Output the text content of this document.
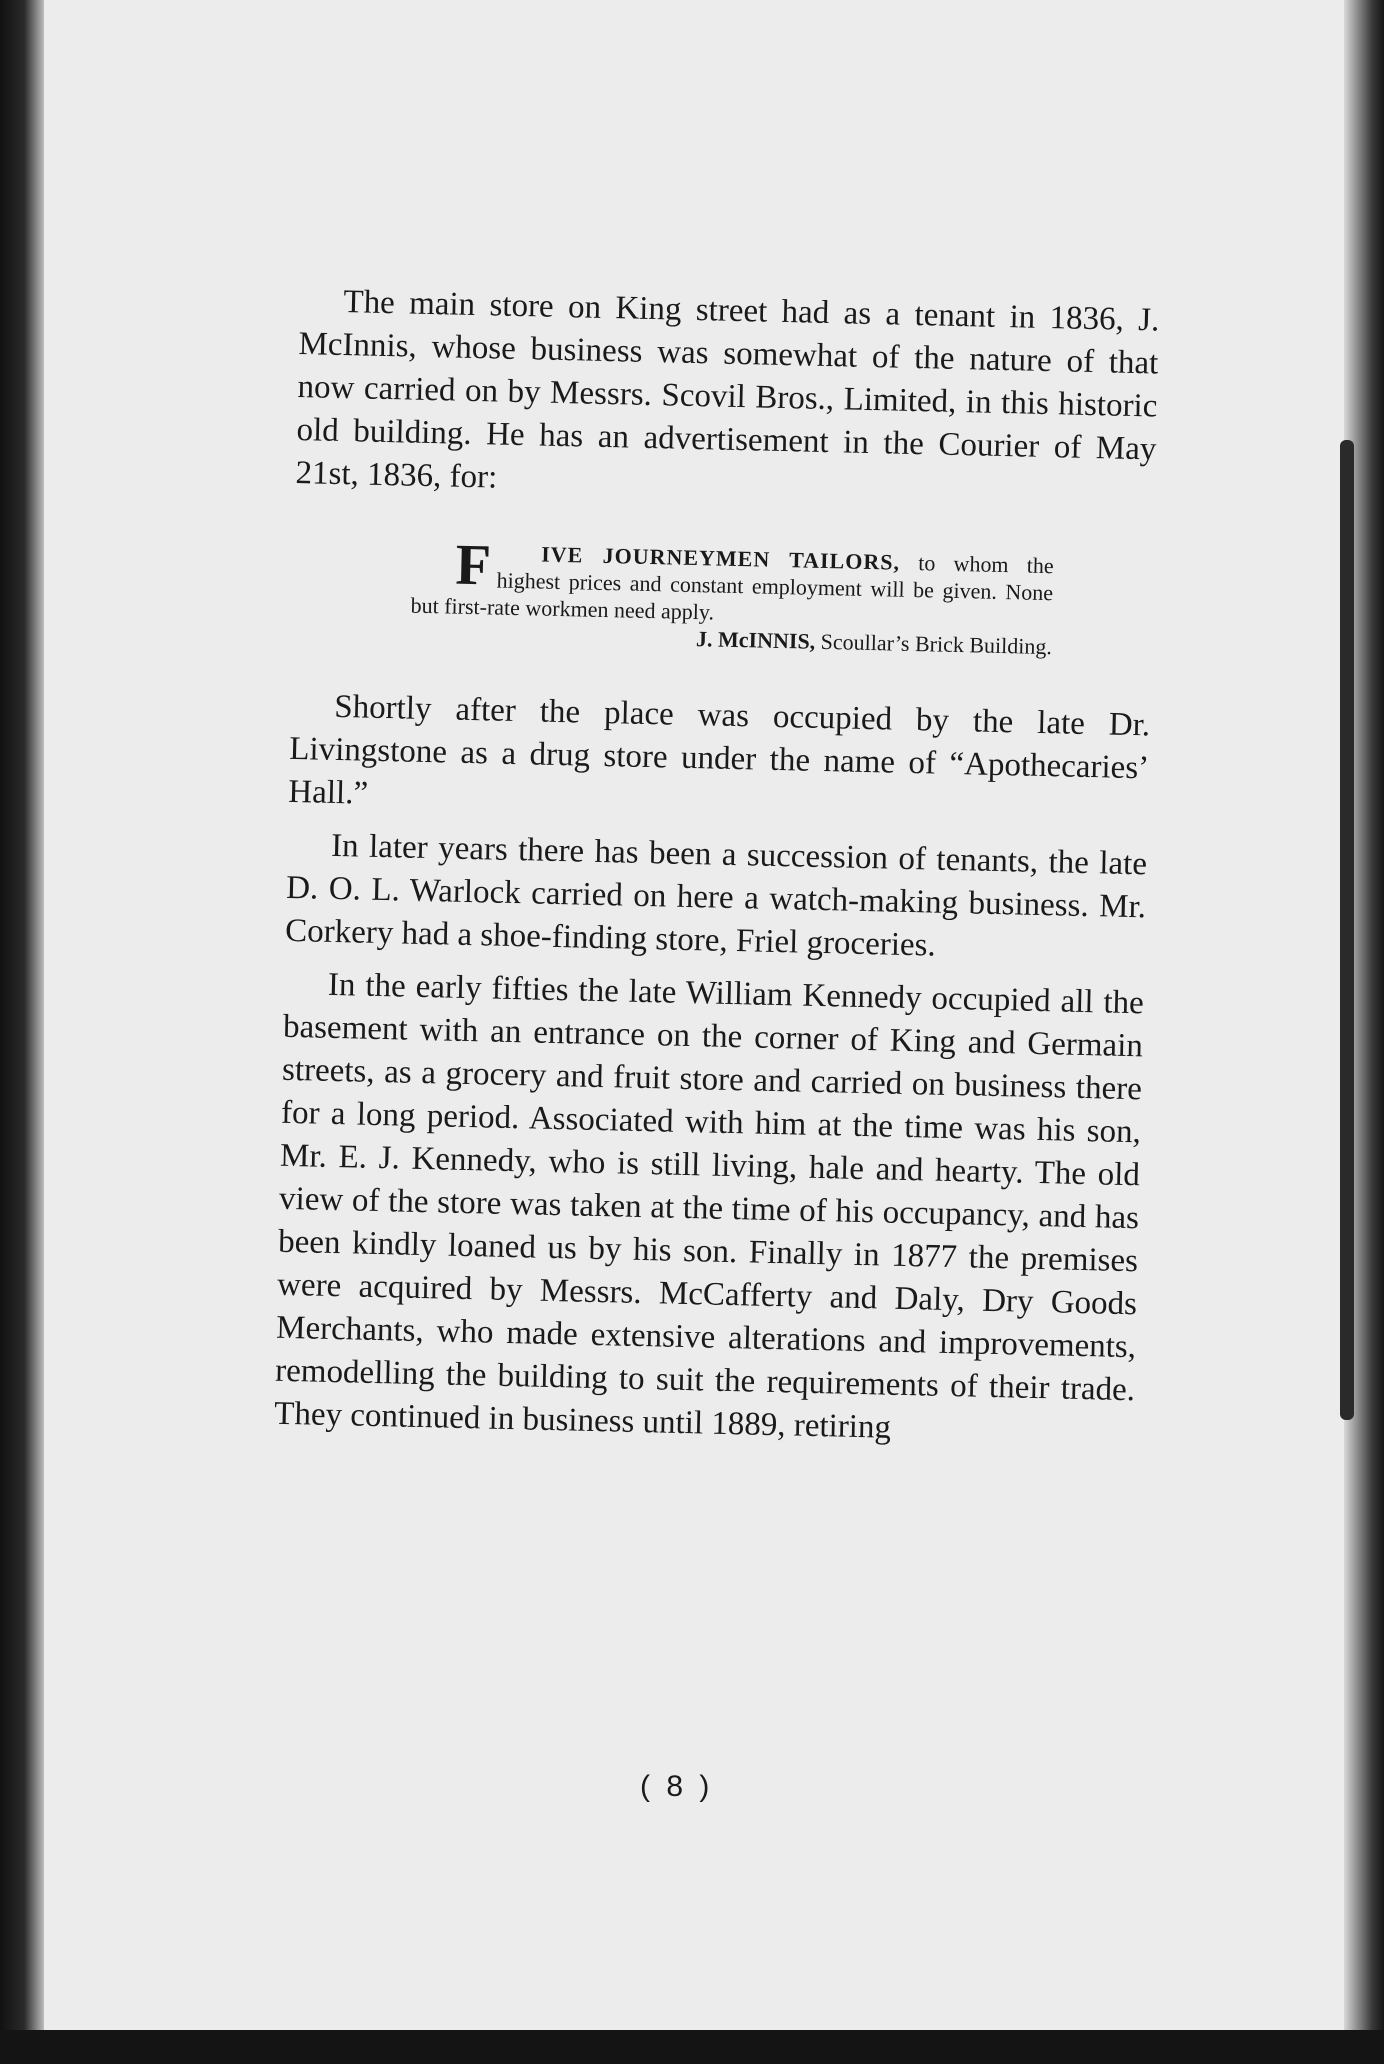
The main store on King street had as a tenant in 1836, J. McInnis, whose business was somewhat of the nature of that now carried on by Messrs. Scovil Bros., Limited, in this historic old building. He has an advertisement in the Courier of May 21st, 1836, for:

F IVE JOURNEYMEN TAILORS, to whom the highest prices and constant employment will be given. None but first-rate workmen need apply.

J. McINNIS, Scoullar’s Brick Building.

Shortly after the place was occupied by the late Dr. Livingstone as a drug store under the name of “Apothecaries’ Hall.”

In later years there has been a succession of tenants, the late D. O. L. Warlock carried on here a watch-making business. Mr. Corkery had a shoe-finding store, Friel groceries.

In the early fifties the late William Kennedy occupied all the basement with an entrance on the corner of King and Germain streets, as a grocery and fruit store and carried on business there for a long period. Associated with him at the time was his son, Mr. E. J. Kennedy, who is still living, hale and hearty. The old view of the store was taken at the time of his occupancy, and has been kindly loaned us by his son. Finally in 1877 the premises were acquired by Messrs. McCafferty and Daly, Dry Goods Merchants, who made extensive alterations and improvements, remodelling the building to suit the requirements of their trade. They continued in business until 1889, retiring

( 8 )
